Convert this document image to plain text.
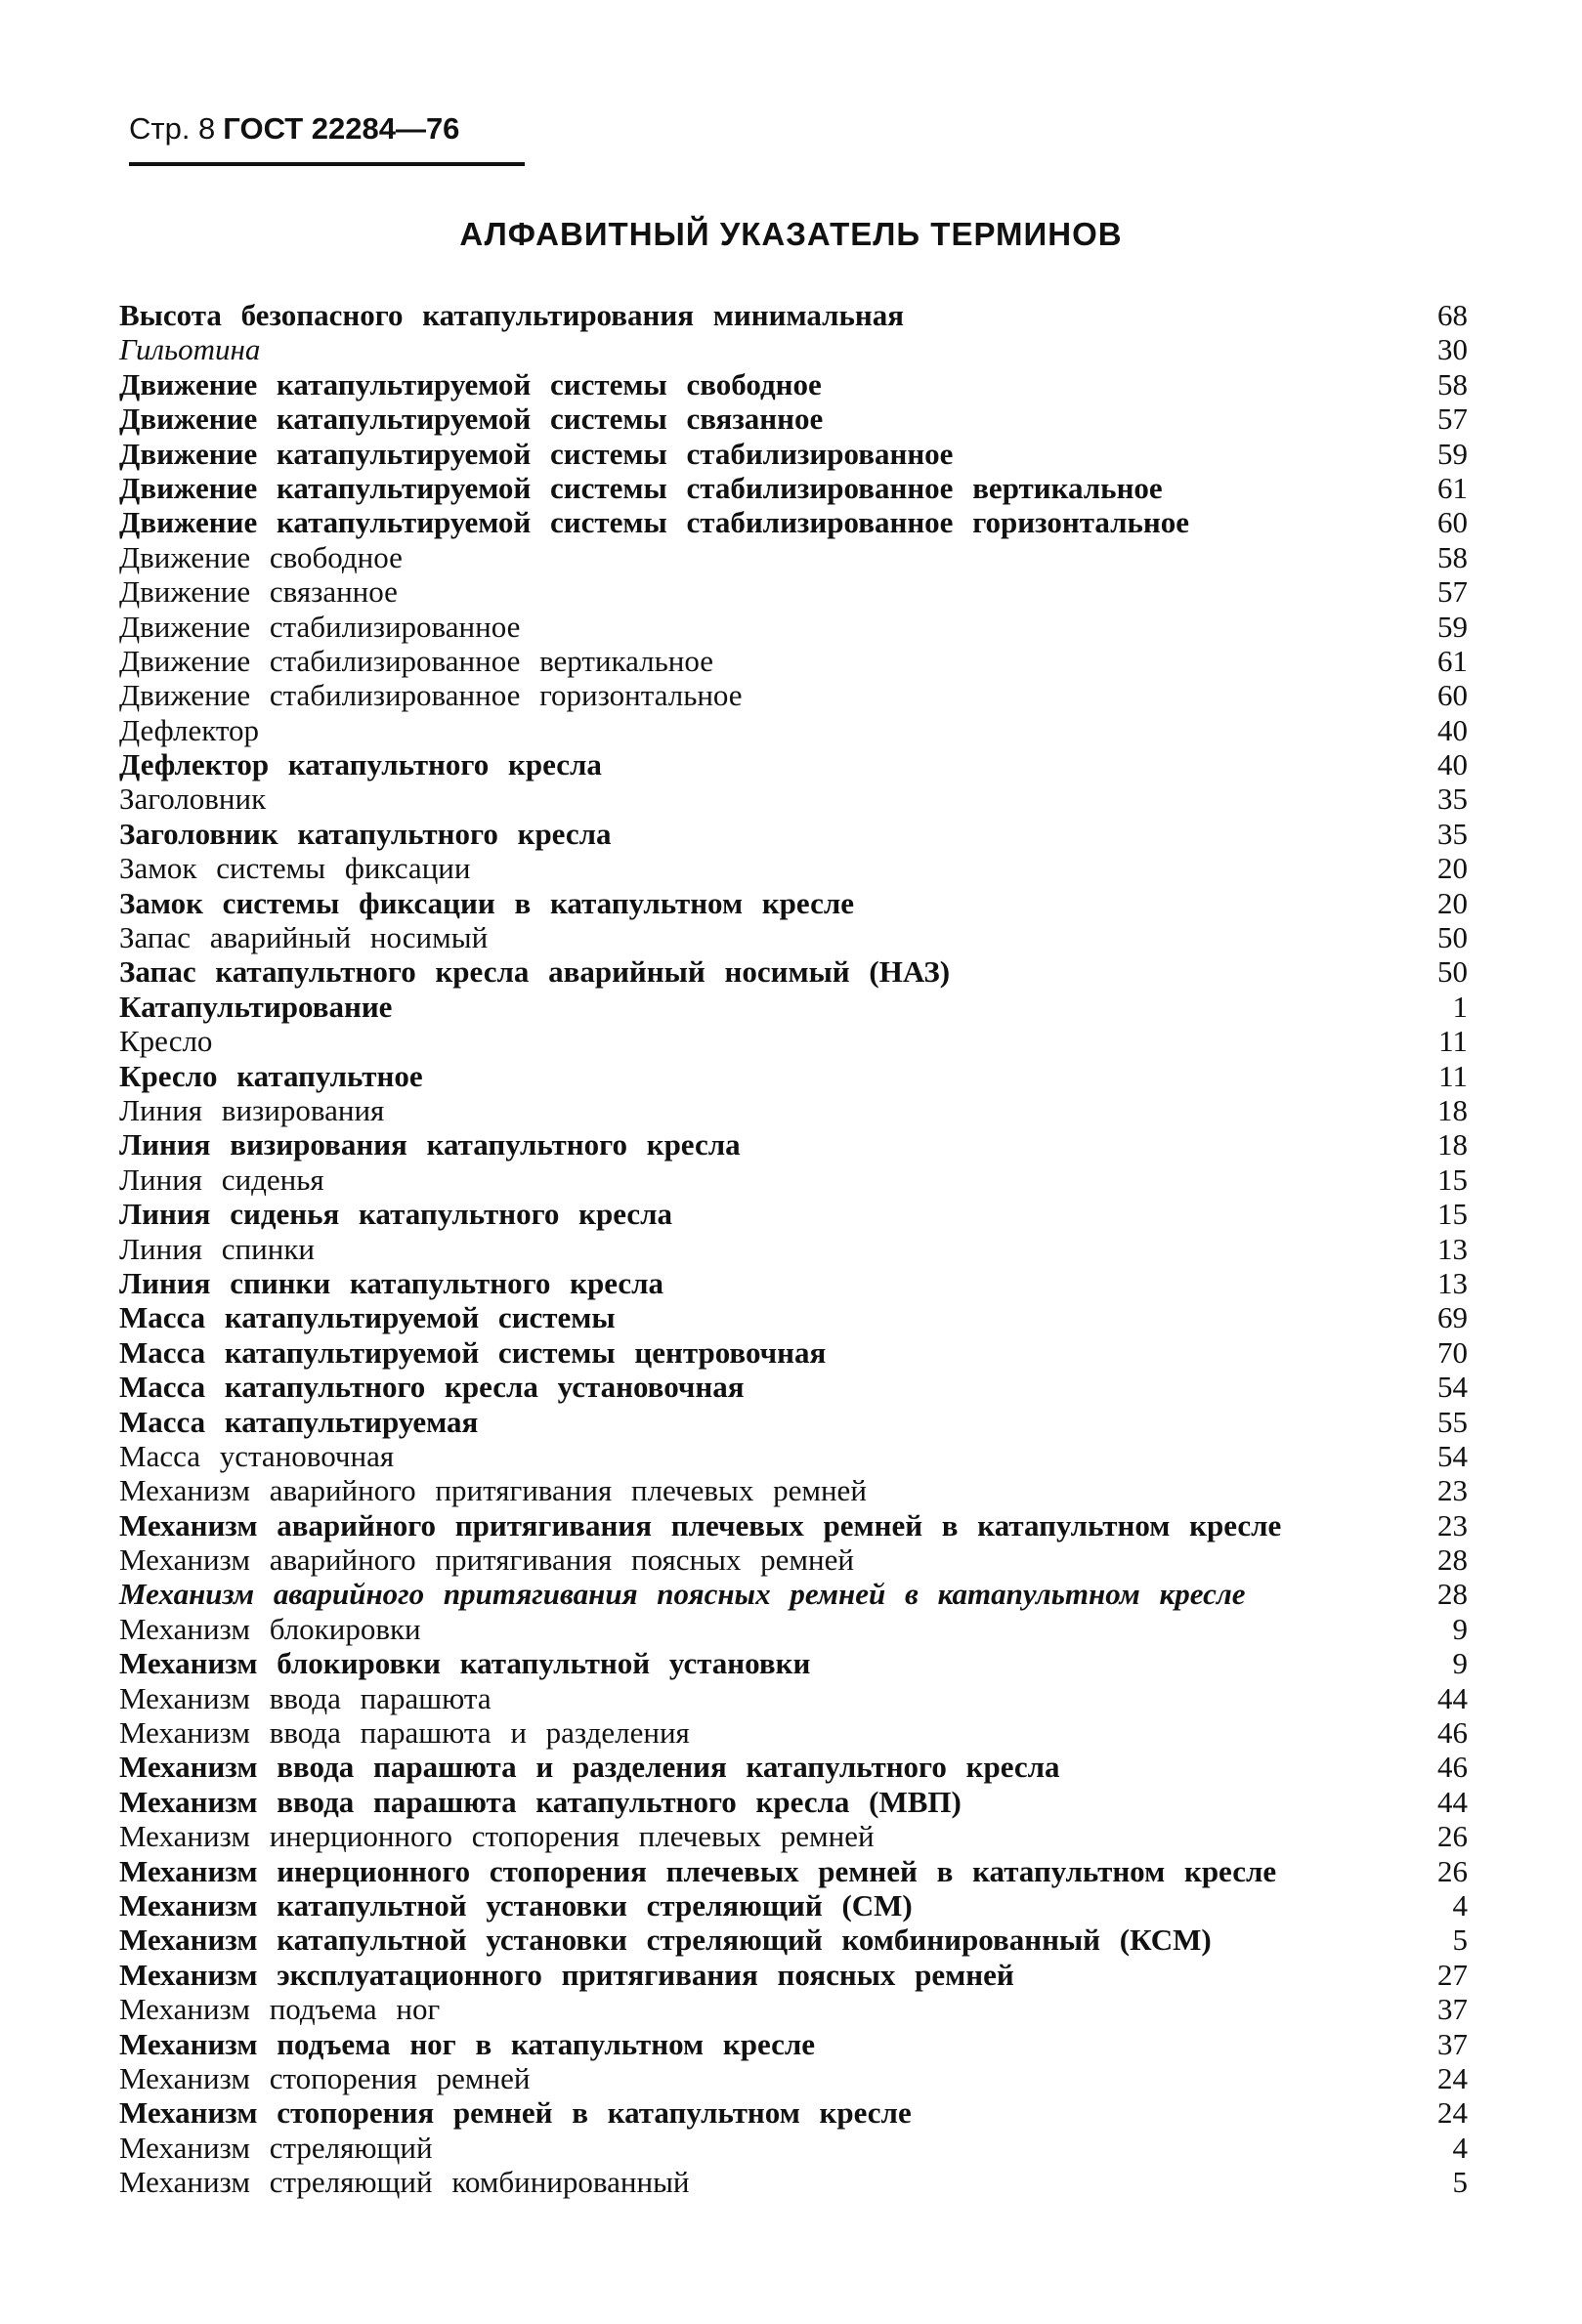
Стр. 8 ГОСТ 22284—76
АЛФАВИТНЫЙ УКАЗАТЕЛЬ ТЕРМИНОВ
Высота безопасного катапультирования минимальная	68
Гильотина	30
Движение катапультируемой системы свободное	58
Движение катапультируемой системы связанное	57
Движение катапультируемой системы стабилизированное	59
Движение катапультируемой системы стабилизированное вертикальное	61
Движение катапультируемой системы стабилизированное горизонтальное	60
Движение свободное	58
Движение связанное	57
Движение стабилизированное	59
Движение стабилизированное вертикальное	61
Движение стабилизированное горизонтальное	60
Дефлектор	40
Дефлектор катапультного кресла	40
Заголовник	35
Заголовник катапультного кресла	35
Замок системы фиксации	20
Замок системы фиксации в катапультном кресле	20
Запас аварийный носимый	50
Запас катапультного кресла аварийный носимый (НАЗ)	50
Катапультирование	1
Кресло	11
Кресло катапультное	11
Линия визирования	18
Линия визирования катапультного кресла	18
Линия сиденья	15
Линия сиденья катапультного кресла	15
Линия спинки	13
Линия спинки катапультного кресла	13
Масса катапультируемой системы	69
Масса катапультируемой системы центровочная	70
Масса катапультного кресла установочная	54
Масса катапультируемая	55
Масса установочная	54
Механизм аварийного притягивания плечевых ремней	23
Механизм аварийного притягивания плечевых ремней в катапультном кресле	23
Механизм аварийного притягивания поясных ремней	28
Механизм аварийного притягивания поясных ремней в катапультном кресле	28
Механизм блокировки	9
Механизм блокировки катапультной установки	9
Механизм ввода парашюта	44
Механизм ввода парашюта и разделения	46
Механизм ввода парашюта и разделения катапультного кресла	46
Механизм ввода парашюта катапультного кресла (МВП)	44
Механизм инерционного стопорения плечевых ремней	26
Механизм инерционного стопорения плечевых ремней в катапультном кресле	26
Механизм катапультной установки стреляющий (СМ)	4
Механизм катапультной установки стреляющий комбинированный (КСМ)	5
Механизм эксплуатационного притягивания поясных ремней	27
Механизм подъема ног	37
Механизм подъема ног в катапультном кресле	37
Механизм стопорения ремней	24
Механизм стопорения ремней в катапультном кресле	24
Механизм стреляющий	4
Механизм стреляющий комбинированный	5
